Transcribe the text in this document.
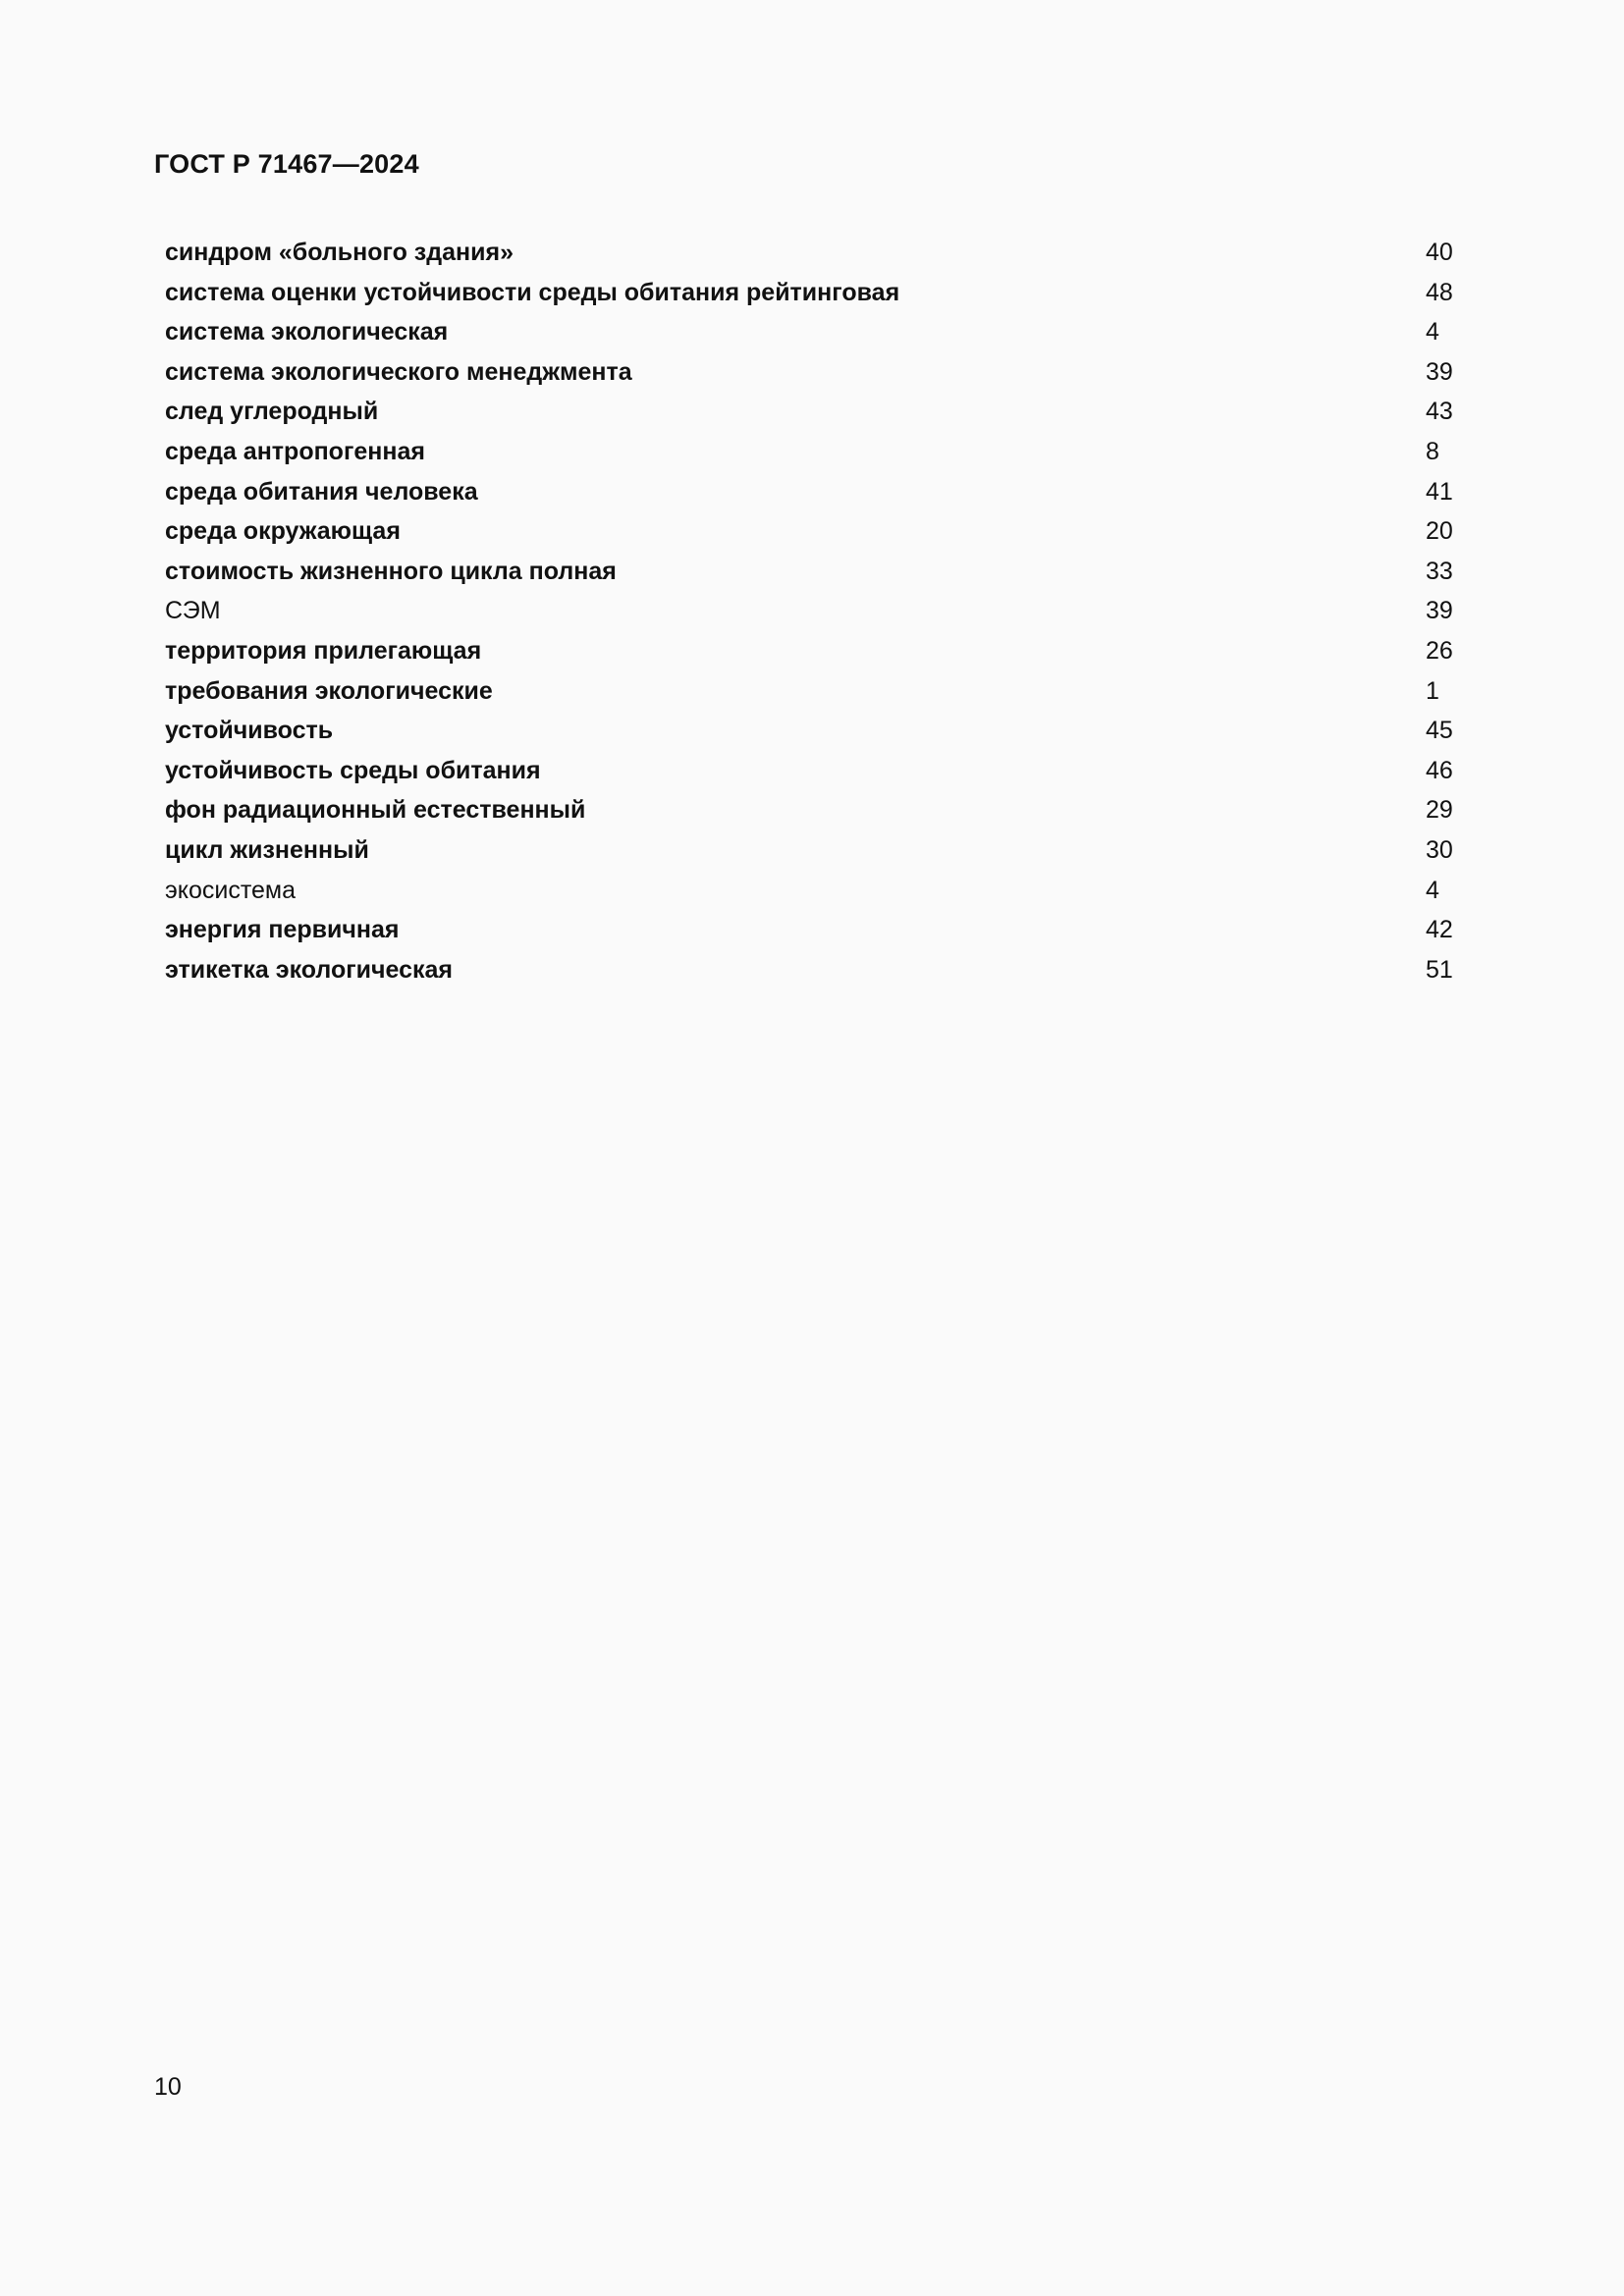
ГОСТ Р 71467—2024
синдром «больного здания»	40
система оценки устойчивости среды обитания рейтинговая	48
система экологическая	4
система экологического менеджмента	39
след углеродный	43
среда антропогенная	8
среда обитания человека	41
среда окружающая	20
стоимость жизненного цикла полная	33
СЭМ	39
территория прилегающая	26
требования экологические	1
устойчивость	45
устойчивость среды обитания	46
фон радиационный естественный	29
цикл жизненный	30
экосистема	4
энергия первичная	42
этикетка экологическая	51
10
